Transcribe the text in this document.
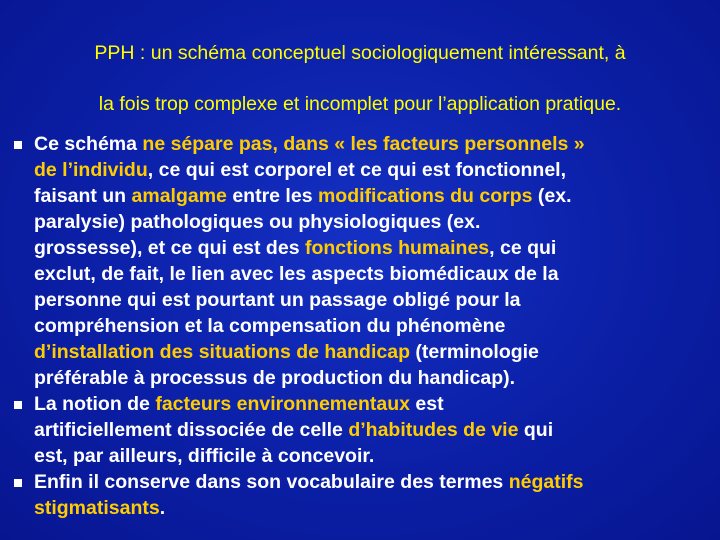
PPH : un schéma conceptuel sociologiquement intéressant, à
la fois trop complexe et incomplet pour l’application pratique.
Ce schéma ne sépare pas, dans « les facteurs personnels »
de l’individu, ce qui est corporel et ce qui est fonctionnel,
faisant un amalgame entre les modifications du corps (ex.
paralysie) pathologiques ou physiologiques (ex.
grossesse), et ce qui est des fonctions humaines, ce qui
exclut, de fait, le lien avec les aspects biomédicaux de la
personne qui est pourtant un passage obligé pour la
compréhension et la compensation du phénomène
d’installation des situations de handicap (terminologie
préférable à processus de production du handicap).
La notion de facteurs environnementaux est
artificiellement dissociée de celle d’habitudes de vie qui
est, par ailleurs, difficile à concevoir.
Enfin il conserve dans son vocabulaire des termes négatifs
stigmatisants.
